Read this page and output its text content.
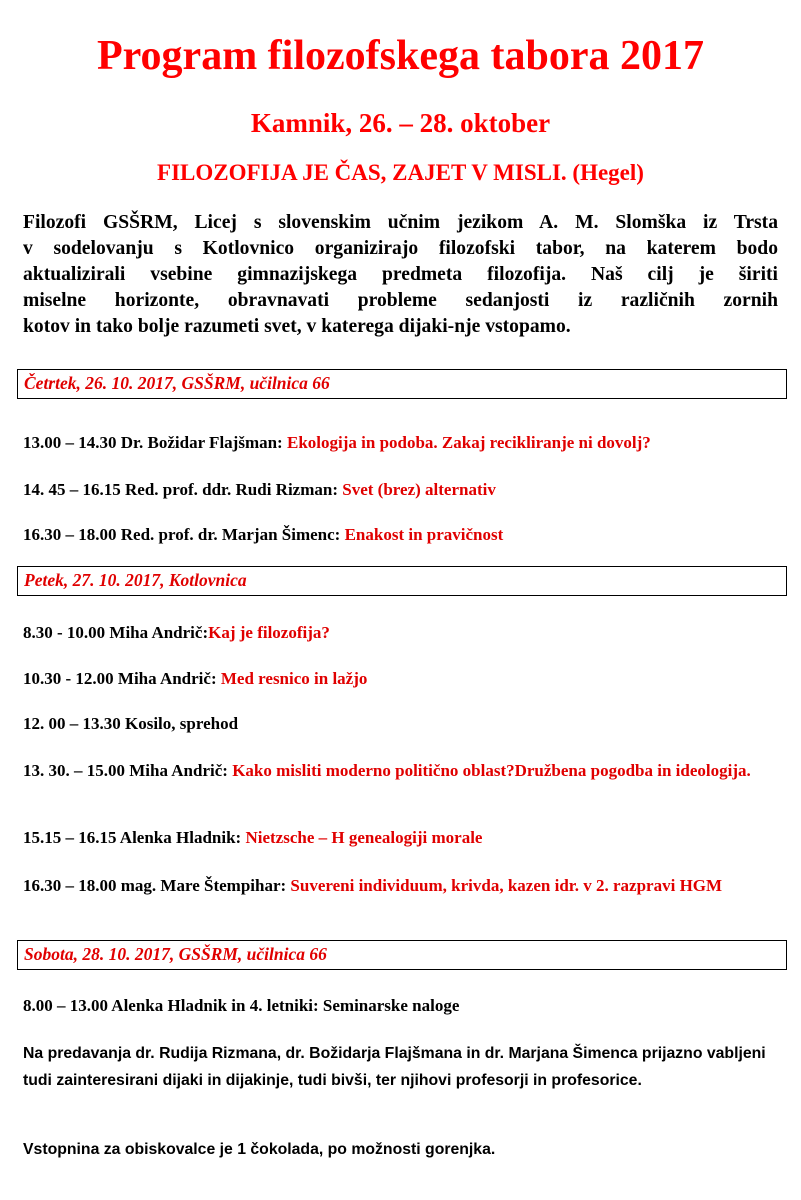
Program filozofskega tabora 2017
Kamnik, 26. – 28. oktober
FILOZOFIJA JE ČAS, ZAJET V MISLI. (Hegel)
Filozofi GSŠRM, Licej s slovenskim učnim jezikom A. M. Slomška iz Trsta
v sodelovanju s Kotlovnico organizirajo filozofski tabor, na katerem bodo
aktualizirali vsebine gimnazijskega predmeta filozofija. Naš cilj je širiti
miselne horizonte, obravnavati probleme sedanjosti iz različnih zornih
kotov in tako bolje razumeti svet, v katerega dijaki-nje vstopamo.
Četrtek, 26. 10. 2017, GSŠRM, učilnica 66
13.00 – 14.30 Dr. Božidar Flajšman: Ekologija in podoba. Zakaj recikliranje ni dovolj?
14. 45 – 16.15 Red. prof. ddr. Rudi Rizman: Svet (brez) alternativ
16.30 – 18.00 Red. prof. dr. Marjan Šimenc: Enakost in pravičnost
Petek, 27. 10. 2017, Kotlovnica
8.30 - 10.00 Miha Andrič:Kaj je filozofija?
10.30 - 12.00 Miha Andrič: Med resnico in lažjo
12. 00 – 13.30 Kosilo, sprehod
13. 30. – 15.00 Miha Andrič: Kako misliti moderno politično oblast?Družbena pogodba in ideologija.
15.15 – 16.15 Alenka Hladnik: Nietzsche – H genealogiji morale
16.30 – 18.00 mag. Mare Štempihar: Suvereni individuum, krivda, kazen idr. v 2. razpravi HGM
Sobota, 28. 10. 2017, GSŠRM, učilnica 66
8.00 – 13.00 Alenka Hladnik in 4. letniki: Seminarske naloge
Na predavanja dr. Rudija Rizmana, dr. Božidarja Flajšmana in dr. Marjana Šimenca prijazno vabljeni tudi zainteresirani dijaki in dijakinje, tudi bivši, ter njihovi profesorji in profesorice.
Vstopnina za obiskovalce je 1 čokolada, po možnosti gorenjka.
